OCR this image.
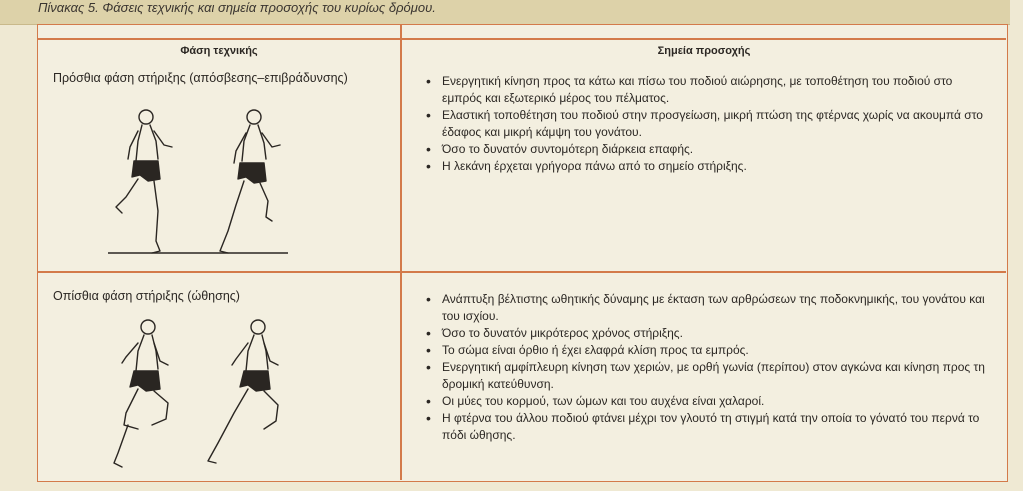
Πίνακας 5. Φάσεις τεχνικής και σημεία προσοχής του κυρίως δρόμου.
Φάση τεχνικής	Σημεία προσοχής
Πρόσθια φάση στήριξης (απόσβεσης–επιβράδυνσης)	• Ενεργητική κίνηση προς τα κάτω και πίσω του ποδιού αιώρησης, με τοποθέτηση του ποδιού στο εμπρός και εξωτερικό μέρος του πέλματος.
• Ελαστική τοποθέτηση του ποδιού στην προσγείωση, μικρή πτώση της φτέρνας χωρίς να ακουμπά στο έδαφος και μικρή κάμψη του γονάτου.
• Όσο το δυνατόν συντομότερη διάρκεια επαφής.
• Η λεκάνη έρχεται γρήγορα πάνω από το σημείο στήριξης.
Οπίσθια φάση στήριξης (ώθησης)	• Ανάπτυξη βέλτιστης ωθητικής δύναμης με έκταση των αρθρώσεων της ποδοκνημικής, του γονάτου και του ισχίου.
• Όσο το δυνατόν μικρότερος χρόνος στήριξης.
• Το σώμα είναι όρθιο ή έχει ελαφρά κλίση προς τα εμπρός.
• Ενεργητική αμφίπλευρη κίνηση των χεριών, με ορθή γωνία (περίπου) στον αγκώνα και κίνηση προς τη δρομική κατεύθυνση.
• Οι μύες του κορμού, των ώμων και του αυχένα είναι χαλαροί.
• Η φτέρνα του άλλου ποδιού φτάνει μέχρι τον γλουτό τη στιγμή κατά την οποία το γόνατό του περνά το πόδι ώθησης.
